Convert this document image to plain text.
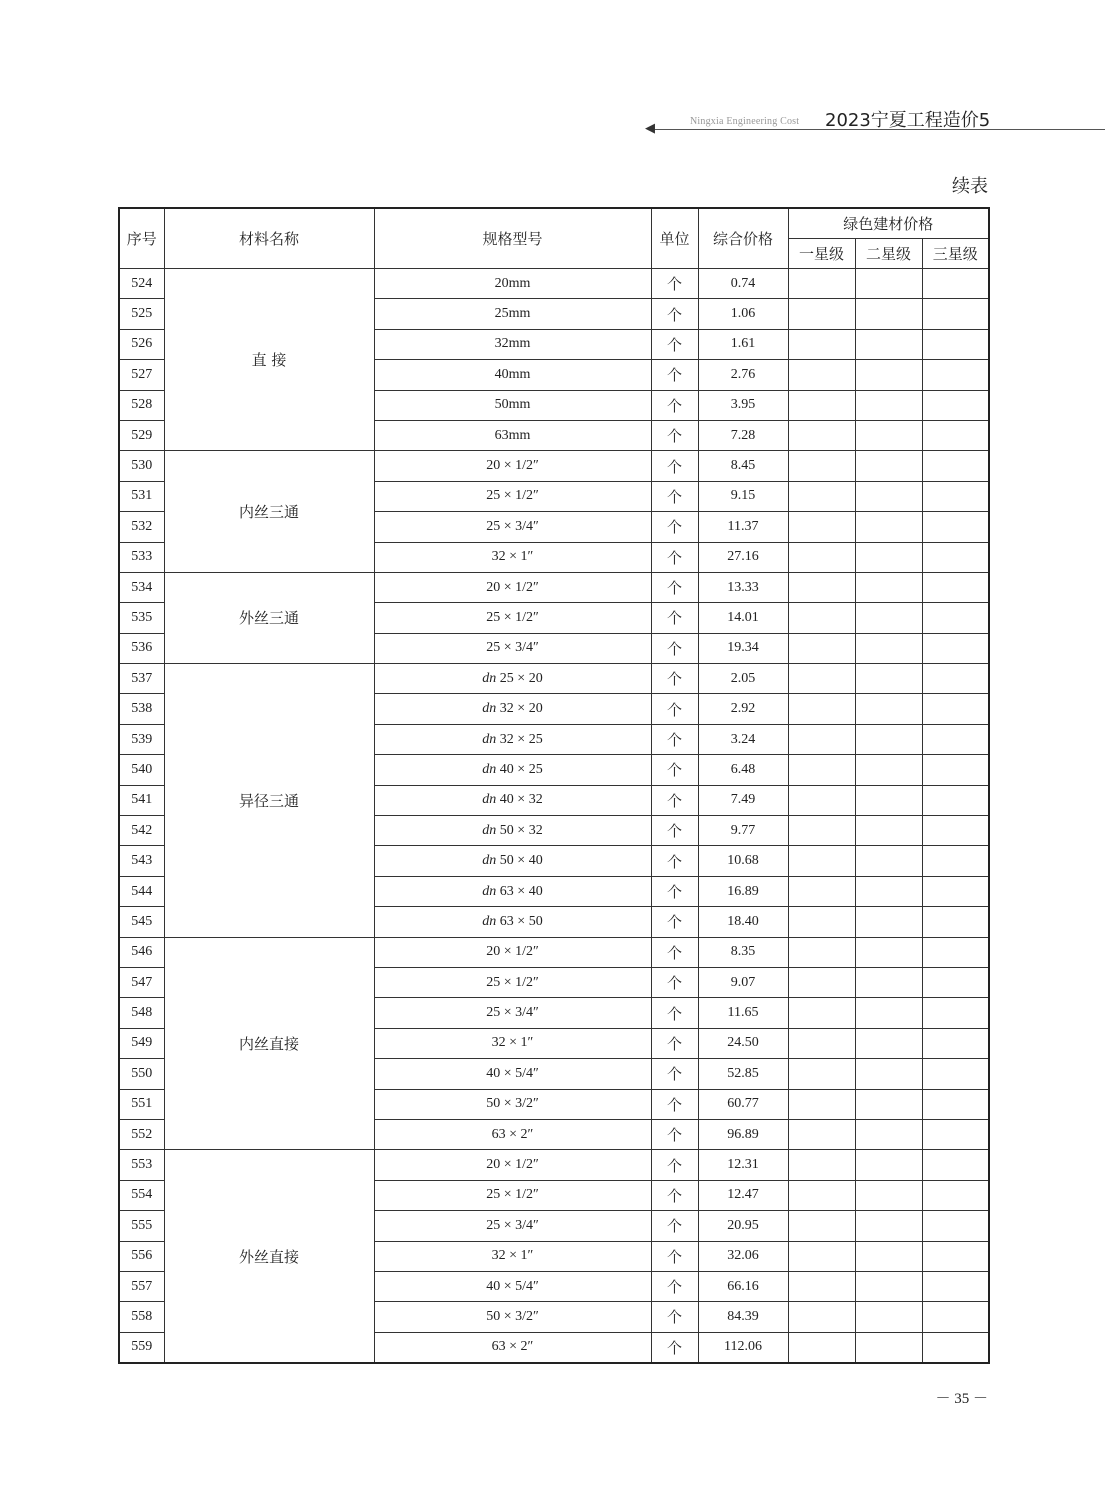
◀	Ningxia Engineering Cost 2023宁夏工程造价5
续表
序号	材料名称	规格型号	单位	综合价格	绿色建材价格		
					一星级	二星级	三星级
524	直 接	20mm	个	0.74			
525		25mm	个	1.06			
526		32mm	个	1.61			
527		40mm	个	2.76			
528		50mm	个	3.95			
529		63mm	个	7.28			
530	内丝三通	20 × 1/2″	个	8.45			
531		25 × 1/2″	个	9.15			
532		25 × 3/4″	个	11.37			
533		32 × 1″	个	27.16			
534	外丝三通	20 × 1/2″	个	13.33			
535		25 × 1/2″	个	14.01			
536		25 × 3/4″	个	19.34			
537	异径三通	dn 25 × 20	个	2.05			
538		dn 32 × 20	个	2.92			
539		dn 32 × 25	个	3.24			
540		dn 40 × 25	个	6.48			
541		dn 40 × 32	个	7.49			
542		dn 50 × 32	个	9.77			
543		dn 50 × 40	个	10.68			
544		dn 63 × 40	个	16.89			
545		dn 63 × 50	个	18.40			
546	内丝直接	20 × 1/2″	个	8.35			
547		25 × 1/2″	个	9.07			
548		25 × 3/4″	个	11.65			
549		32 × 1″	个	24.50			
550		40 × 5/4″	个	52.85			
551		50 × 3/2″	个	60.77			
552		63 × 2″	个	96.89			
553	外丝直接	20 × 1/2″	个	12.31			
554		25 × 1/2″	个	12.47			
555		25 × 3/4″	个	20.95			
556		32 × 1″	个	32.06			
557		40 × 5/4″	个	66.16			
558		50 × 3/2″	个	84.39			
559		63 × 2″	个	112.06			
－ 35 －
